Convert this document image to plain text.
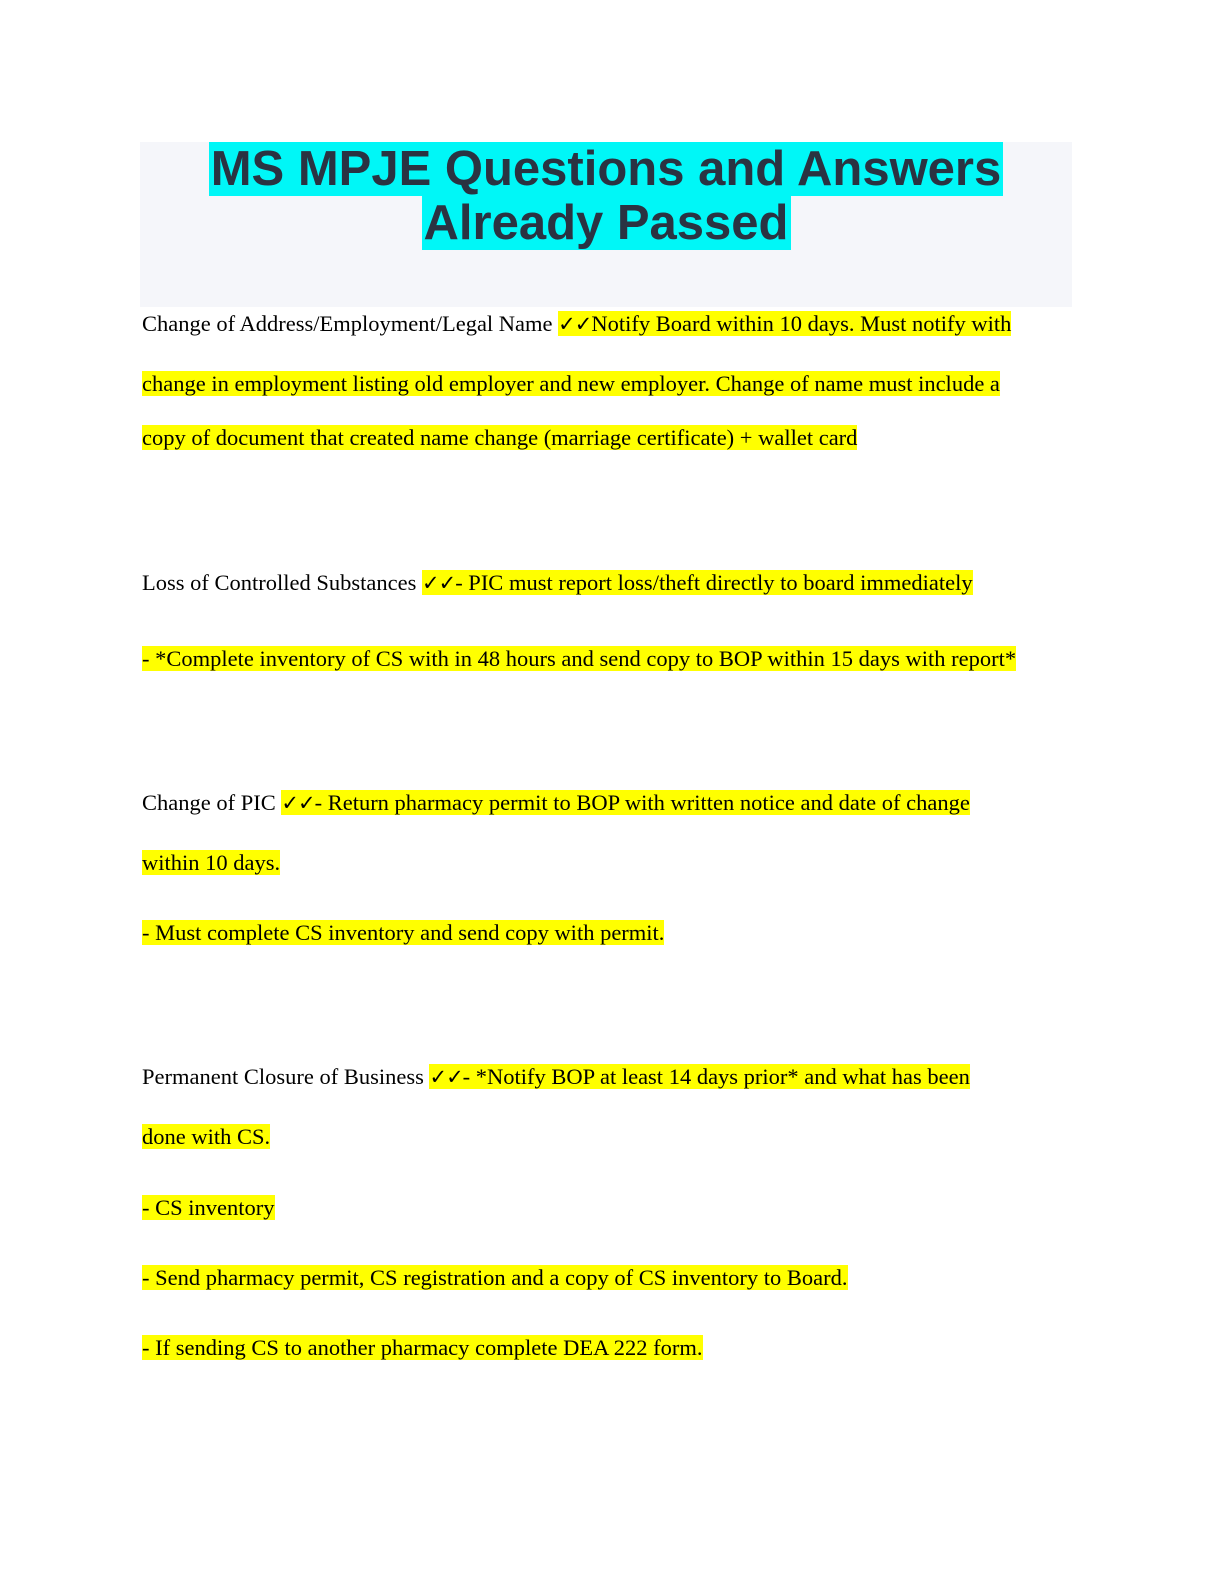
MS MPJE Questions and Answers
Already Passed
Change of Address/Employment/Legal Name ✓✓Notify Board within 10 days. Must notify with
change in employment listing old employer and new employer. Change of name must include a
copy of document that created name change (marriage certificate) + wallet card
Loss of Controlled Substances ✓✓- PIC must report loss/theft directly to board immediately
- *Complete inventory of CS with in 48 hours and send copy to BOP within 15 days with report*
Change of PIC ✓✓- Return pharmacy permit to BOP with written notice and date of change
within 10 days.
- Must complete CS inventory and send copy with permit.
Permanent Closure of Business ✓✓- *Notify BOP at least 14 days prior* and what has been
done with CS.
- CS inventory
- Send pharmacy permit, CS registration and a copy of CS inventory to Board.
- If sending CS to another pharmacy complete DEA 222 form.
